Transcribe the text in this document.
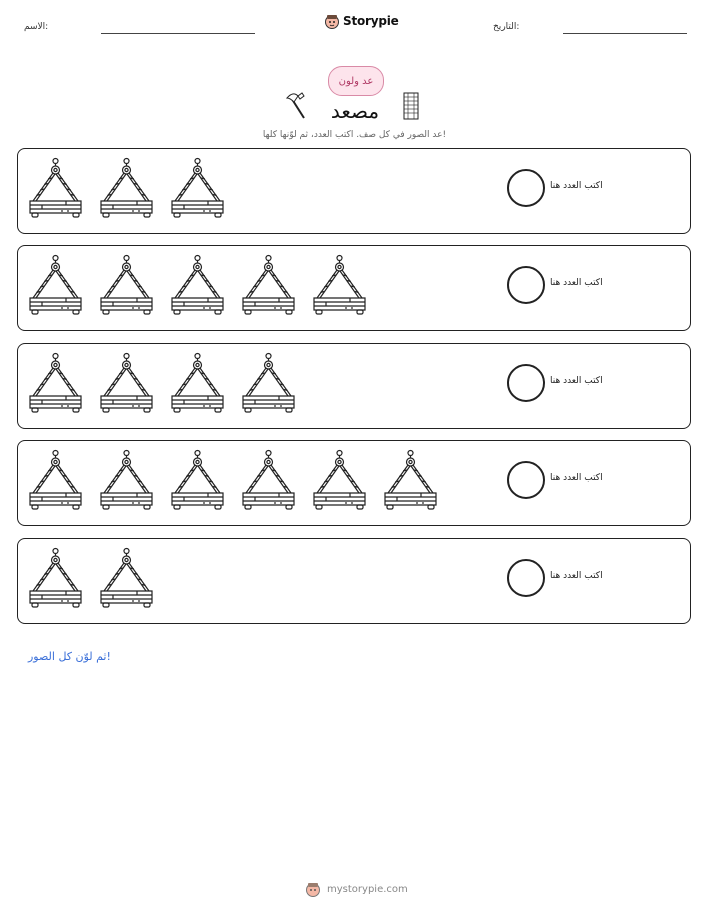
الاسم:	Storypie	التاريخ:
عد ولون
مصعد
عد الصور في كل صف. اكتب العدد، ثم لوّنها كلها!
اكتب العدد هنا
اكتب العدد هنا
اكتب العدد هنا
اكتب العدد هنا
اكتب العدد هنا
ثم لوّن كل الصور!
mystorypie.com
